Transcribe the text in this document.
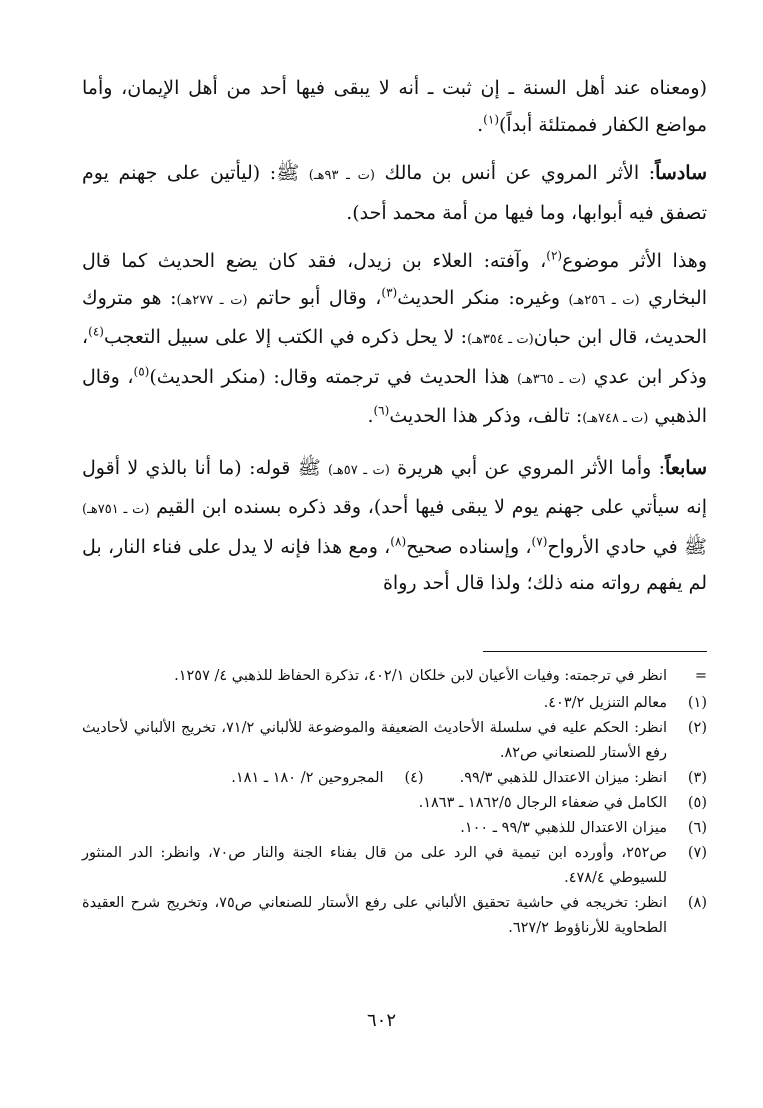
(ومعناه عند أهل السنة ـ إن ثبت ـ أنه لا يبقى فيها أحد من أهل الإيمان، وأما مواضع الكفار فممتلئة أبداً)$^{(١)}$.

سادساً: الأثر المروي عن أنس بن مالك (ت ـ ٩٣هـ) ﷺ: (ليأتين على جهنم يوم تصفق فيه أبوابها، وما فيها من أمة محمد أحد).

وهذا الأثر موضوع$^{(٢)}$، وآفته: العلاء بن زيدل، فقد كان يضع الحديث كما قال البخاري (ت ـ ٢٥٦هـ) وغيره: منكر الحديث$^{(٣)}$، وقال أبو حاتم (ت ـ ٢٧٧هـ): هو متروك الحديث، قال ابن حبان(ت ـ ٣٥٤هـ): لا يحل ذكره في الكتب إلا على سبيل التعجب$^{(٤)}$، وذكر ابن عدي (ت ـ ٣٦٥هـ) هذا الحديث في ترجمته وقال: (منكر الحديث)$^{(٥)}$، وقال الذهبي (ت ـ ٧٤٨هـ): تالف، وذكر هذا الحديث$^{(٦)}$.

سابعاً: وأما الأثر المروي عن أبي هريرة (ت ـ ٥٧هـ) ﷺ قوله: (ما أنا بالذي لا أقول إنه سيأتي على جهنم يوم لا يبقى فيها أحد)، وقد ذكره بسنده ابن القيم (ت ـ ٧٥١هـ) ﷺ في حادي الأرواح$^{(٧)}$، وإسناده صحيح$^{(٨)}$، ومع هذا فإنه لا يدل على فناء النار، بل لم يفهم رواته منه ذلك؛ ولذا قال أحد رواة

=
انظر في ترجمته: وفيات الأعيان لابن خلكان ٤٠٢/١، تذكرة الحفاظ للذهبي ٤/ ١٢٥٧.
(١)
معالم التنزيل ٤٠٣/٢.
(٢)
انظر: الحكم عليه في سلسلة الأحاديث الضعيفة والموضوعة للألباني ٧١/٢، تخريج الألباني لأحاديث رفع الأستار للصنعاني ص٨٢.
(٣)
انظر: ميزان الاعتدال للذهبي ٩٩/٣.
(٤)
المجروحين ٢/ ١٨٠ ـ ١٨١.
(٥)
الكامل في ضعفاء الرجال ١٨٦٢/٥ ـ ١٨٦٣.
(٦)
ميزان الاعتدال للذهبي ٩٩/٣ ـ ١٠٠.
(٧)
ص٢٥٢، وأورده ابن تيمية في الرد على من قال بفناء الجنة والنار ص٧٠، وانظر: الدر المنثور للسيوطي ٤٧٨/٤.
(٨)
انظر: تخريجه في حاشية تحقيق الألباني على رفع الأستار للصنعاني ص٧٥، وتخريج شرح العقيدة الطحاوية للأرناؤوط ٦٢٧/٢.
٦٠٢
